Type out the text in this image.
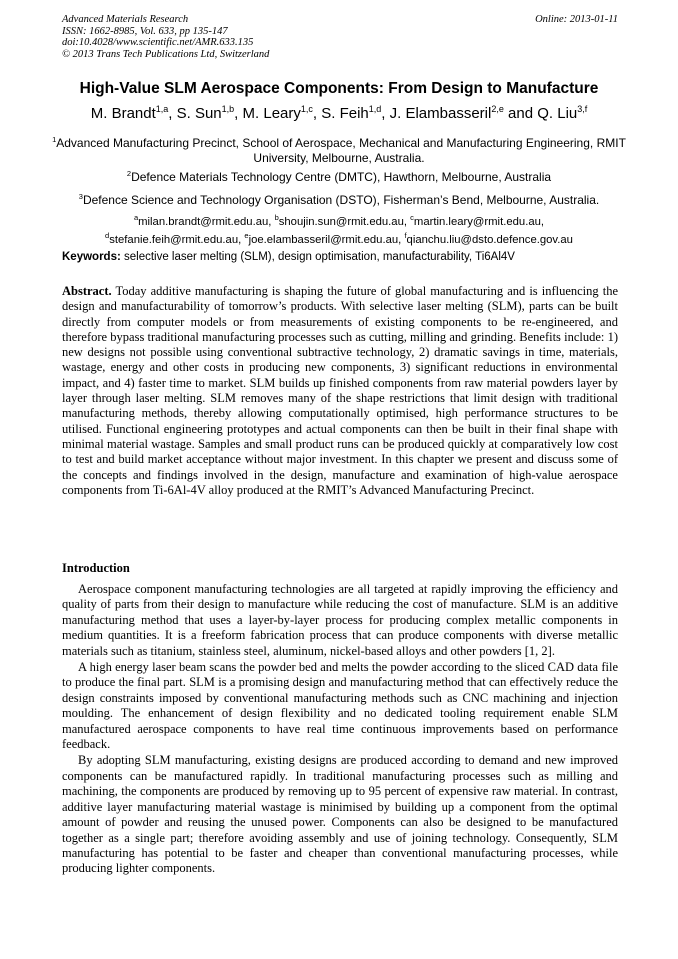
Advanced Materials Research
ISSN: 1662-8985, Vol. 633, pp 135-147
doi:10.4028/www.scientific.net/AMR.633.135
© 2013 Trans Tech Publications Ltd, Switzerland
Online: 2013-01-11
High-Value SLM Aerospace Components: From Design to Manufacture
M. Brandt$^{1,a}$, S. Sun$^{1,b}$, M. Leary$^{1,c}$, S. Feih$^{1,d}$, J. Elambasseril$^{2,e}$ and Q. Liu$^{3,f}$
$^1$Advanced Manufacturing Precinct, School of Aerospace, Mechanical and Manufacturing Engineering, RMIT University, Melbourne, Australia.
$^2$Defence Materials Technology Centre (DMTC), Hawthorn, Melbourne, Australia
$^3$Defence Science and Technology Organisation (DSTO), Fisherman’s Bend, Melbourne, Australia.
$^a$milan.brandt@rmit.edu.au, $^b$shoujin.sun@rmit.edu.au, $^c$martin.leary@rmit.edu.au,
$^d$stefanie.feih@rmit.edu.au, $^e$joe.elambasseril@rmit.edu.au, $^f$qianchu.liu@dsto.defence.gov.au
Keywords: selective laser melting (SLM), design optimisation, manufacturability, Ti6Al4V

Abstract. Today additive manufacturing is shaping the future of global manufacturing and is influencing the design and manufacturability of tomorrow’s products. With selective laser melting (SLM), parts can be built directly from computer models or from measurements of existing components to be re-engineered, and therefore bypass traditional manufacturing processes such as cutting, milling and grinding. Benefits include: 1) new designs not possible using conventional subtractive technology, 2) dramatic savings in time, materials, wastage, energy and other costs in producing new components, 3) significant reductions in environmental impact, and 4) faster time to market. SLM builds up finished components from raw material powders layer by layer through laser melting. SLM removes many of the shape restrictions that limit design with traditional manufacturing methods, thereby allowing computationally optimised, high performance structures to be utilised. Functional engineering prototypes and actual components can then be built in their final shape with minimal material wastage. Samples and small product runs can be produced quickly at comparatively low cost to test and build market acceptance without major investment. In this chapter we present and discuss some of the concepts and findings involved in the design, manufacture and examination of high-value aerospace components from Ti-6Al-4V alloy produced at the RMIT’s Advanced Manufacturing Precinct.

Introduction

Aerospace component manufacturing technologies are all targeted at rapidly improving the efficiency and quality of parts from their design to manufacture while reducing the cost of manufacture. SLM is an additive manufacturing method that uses a layer-by-layer process for producing complex metallic components in medium quantities. It is a freeform fabrication process that can produce components with diverse metallic materials such as titanium, stainless steel, aluminum, nickel-based alloys and other powders [1, 2].

A high energy laser beam scans the powder bed and melts the powder according to the sliced CAD data file to produce the final part. SLM is a promising design and manufacturing method that can effectively reduce the design constraints imposed by conventional manufacturing methods such as CNC machining and injection moulding. The enhancement of design flexibility and no dedicated tooling requirement enable SLM manufactured aerospace components to have real time continuous improvements based on performance feedback.

By adopting SLM manufacturing, existing designs are produced according to demand and new improved components can be manufactured rapidly. In traditional manufacturing processes such as milling and machining, the components are produced by removing up to 95 percent of expensive raw material. In contrast, additive layer manufacturing material wastage is minimised by building up a component from the optimal amount of powder and reusing the unused power. Components can also be designed to be manufactured together as a single part; therefore avoiding assembly and use of joining technology. Consequently, SLM manufacturing has potential to be faster and cheaper than conventional manufacturing processes, while producing lighter components.
